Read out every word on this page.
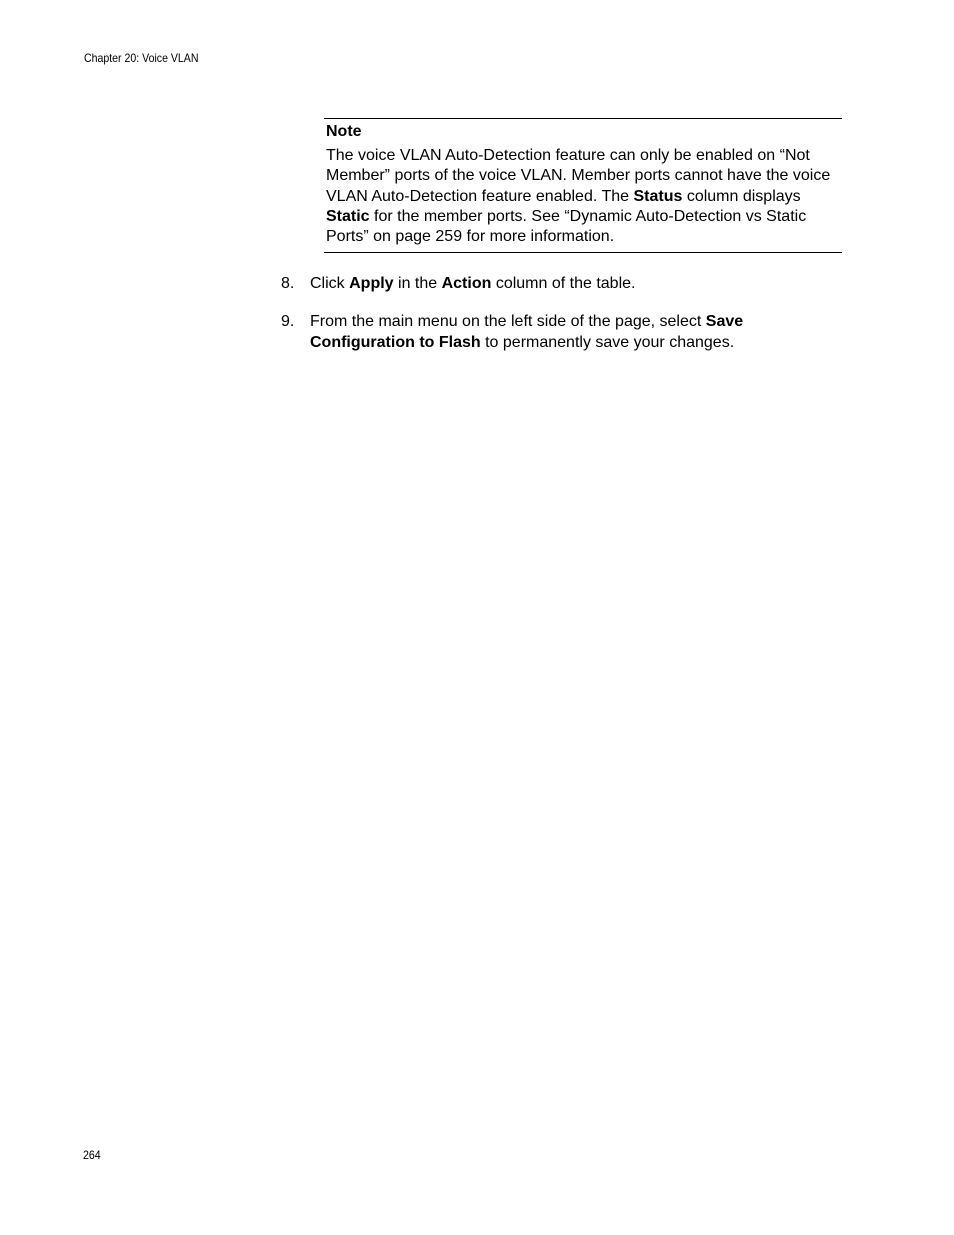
Chapter 20: Voice VLAN
Note
The voice VLAN Auto-Detection feature can only be enabled on “Not Member” ports of the voice VLAN. Member ports cannot have the voice VLAN Auto-Detection feature enabled. The Status column displays Static for the member ports. See “Dynamic Auto-Detection vs Static Ports” on page 259 for more information.
8. Click Apply in the Action column of the table.
9. From the main menu on the left side of the page, select Save Configuration to Flash to permanently save your changes.
264
